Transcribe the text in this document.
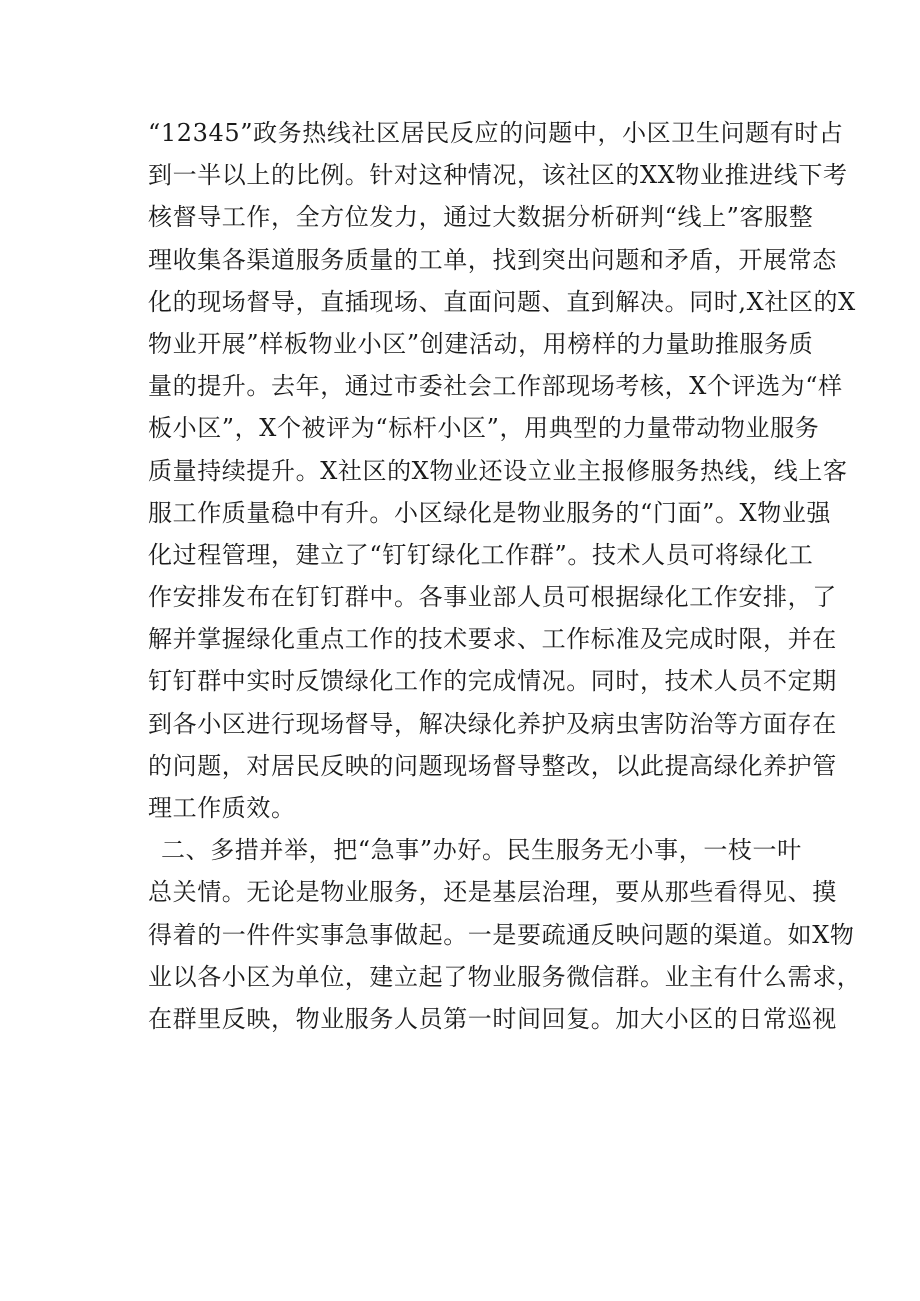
“12345”政务热线社区居民反应的问题中，小区卫生问题有时占

到一半以上的比例。针对这种情况，该社区的XX物业推进线下考

核督导工作，全方位发力，通过大数据分析研判“线上”客服整

理收集各渠道服务质量的工单，找到突出问题和矛盾，开展常态

化的现场督导，直插现场、直面问题、直到解决。同时,X社区的X

物业开展”样板物业小区”创建活动，用榜样的力量助推服务质

量的提升。去年，通过市委社会工作部现场考核，X个评选为“样

板小区”，X个被评为“标杆小区”，用典型的力量带动物业服务

质量持续提升。X社区的X物业还设立业主报修服务热线，线上客

服工作质量稳中有升。小区绿化是物业服务的“门面”。X物业强

化过程管理，建立了“钉钉绿化工作群”。技术人员可将绿化工

作安排发布在钉钉群中。各事业部人员可根据绿化工作安排，了

解并掌握绿化重点工作的技术要求、工作标准及完成时限，并在

钉钉群中实时反馈绿化工作的完成情况。同时，技术人员不定期

到各小区进行现场督导，解决绿化养护及病虫害防治等方面存在

的问题，对居民反映的问题现场督导整改，以此提高绿化养护管

理工作质效。

二、多措并举，把“急事”办好。民生服务无小事，一枝一叶

总关情。无论是物业服务，还是基层治理，要从那些看得见、摸

得着的一件件实事急事做起。一是要疏通反映问题的渠道。如X物

业以各小区为单位，建立起了物业服务微信群。业主有什么需求，

在群里反映，物业服务人员第一时间回复。加大小区的日常巡视
